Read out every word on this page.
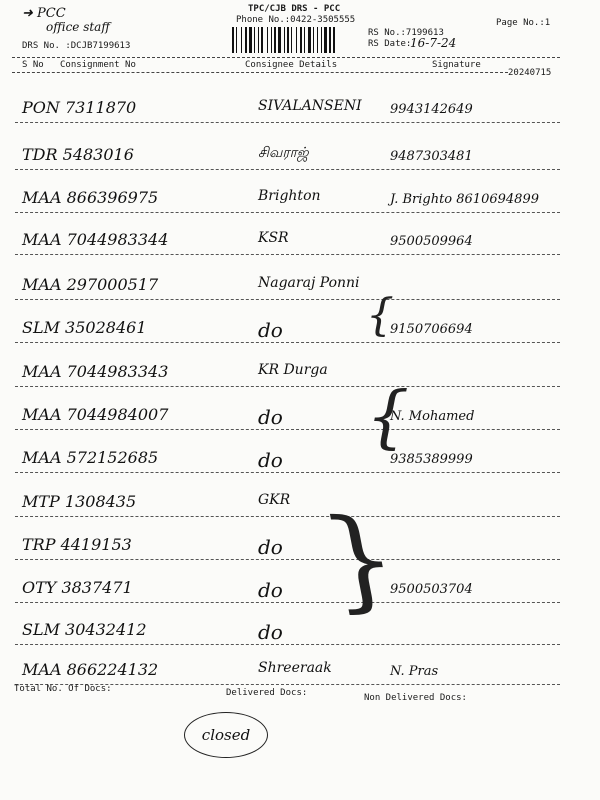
➜ PCC
office staff
TPC/CJB DRS - PCC
Phone No.:0422-3505555
DRS No. :DCJB7199613
RS No.:7199613
RS Date:
16-7-24
Page No.:1
S No Consignment No	Consignee Details	Signature
20240715
PON 7311870	SIVALANSENI 9943142649
TDR 5483016	சிவராஜ்	9487303481
MAA 866396975	Brighton	J. Brighto 8610694899
MAA 7044983344	KSR	9500509964
MAA 297000517	Nagaraj Ponni
SLM 35028461	do	9150706694
MAA 7044983343	KR Durga
MAA 7044984007	do	N. Mohamed
MAA 572152685	do	9385389999
MTP 1308435	GKR
TRP 4419153	do
OTY 3837471	do	9500503704
SLM 30432412	do
MAA 866224132	Shreeraak	N. Pras
{
{
{
Total No. Of Docs:	Delivered Docs:	Non Delivered Docs:
closed
